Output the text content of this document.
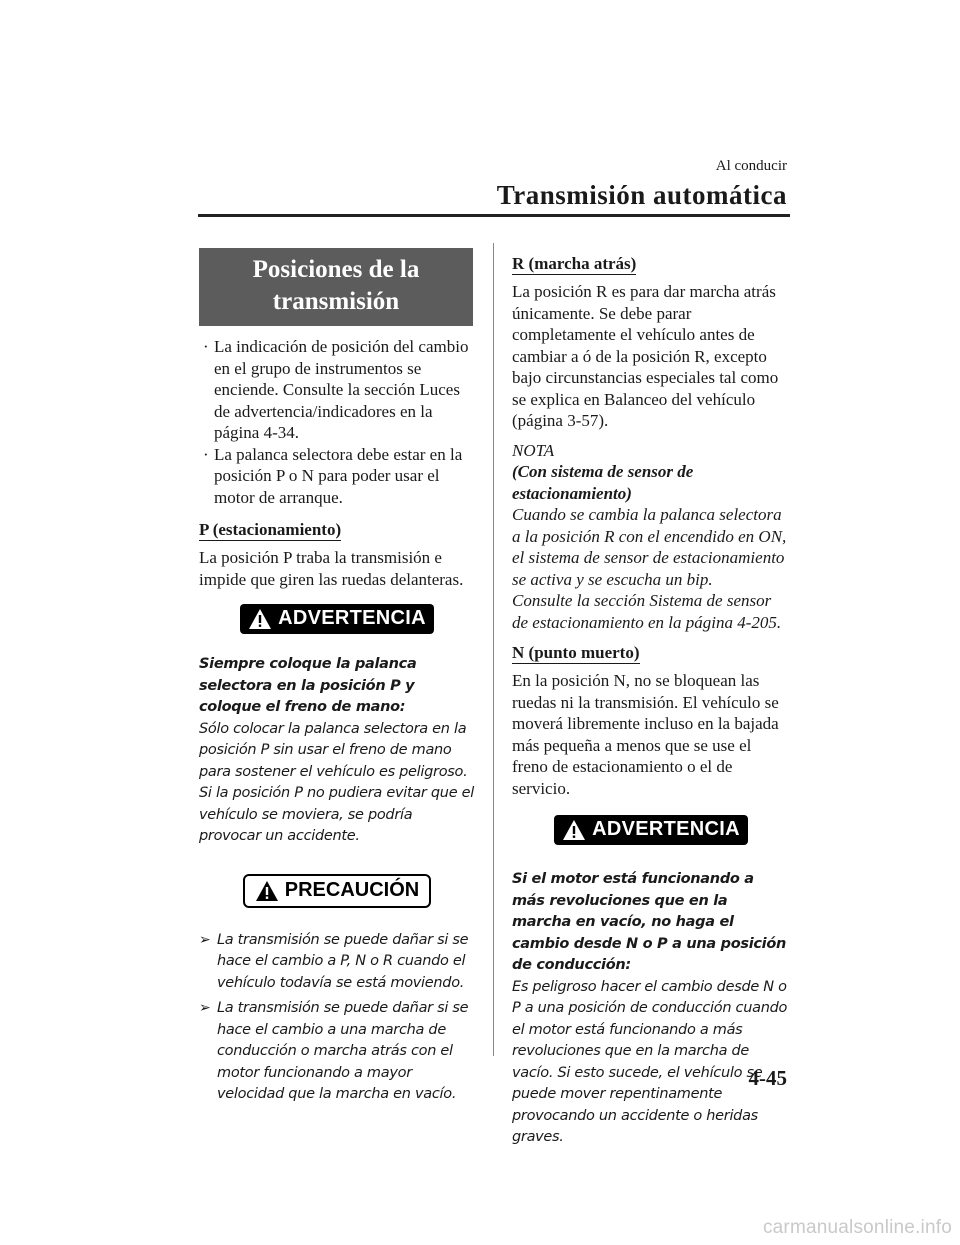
Al conducir
Transmisión automática
Posiciones de la
transmisión
· La indicación de posición del cambio en el grupo de instrumentos se enciende. Consulte la sección Luces de advertencia/indicadores en la página 4-34.
· La palanca selectora debe estar en la posición P o N para poder usar el motor de arranque.
P (estacionamiento)

La posición P traba la transmisión e impide que giren las ruedas delanteras.

ADVERTENCIA
Siempre coloque la palanca selectora en la posición P y coloque el freno de mano:
Sólo colocar la palanca selectora en la posición P sin usar el freno de mano para sostener el vehículo es peligroso. Si la posición P no pudiera evitar que el vehículo se moviera, se podría provocar un accidente.
PRECAUCIÓN
➢ La transmisión se puede dañar si se hace el cambio a P, N o R cuando el vehículo todavía se está moviendo.
➢ La transmisión se puede dañar si se hace el cambio a una marcha de conducción o marcha atrás con el motor funcionando a mayor velocidad que la marcha en vacío.
R (marcha atrás)

La posición R es para dar marcha atrás únicamente. Se debe parar completamente el vehículo antes de cambiar a ó de la posición R, excepto bajo circunstancias especiales tal como se explica en Balanceo del vehículo (página 3-57).

NOTA
(Con sistema de sensor de estacionamiento)
Cuando se cambia la palanca selectora a la posición R con el encendido en ON, el sistema de sensor de estacionamiento se activa y se escucha un bip.
Consulte la sección Sistema de sensor de estacionamiento en la página 4-205.
N (punto muerto)

En la posición N, no se bloquean las ruedas ni la transmisión. El vehículo se moverá libremente incluso en la bajada más pequeña a menos que se use el freno de estacionamiento o el de servicio.

ADVERTENCIA
Si el motor está funcionando a más revoluciones que en la marcha en vacío, no haga el cambio desde N o P a una posición de conducción:
Es peligroso hacer el cambio desde N o P a una posición de conducción cuando el motor está funcionando a más revoluciones que en la marcha de vacío. Si esto sucede, el vehículo se puede mover repentinamente provocando un accidente o heridas graves.
4-45
carmanualsonline.info
